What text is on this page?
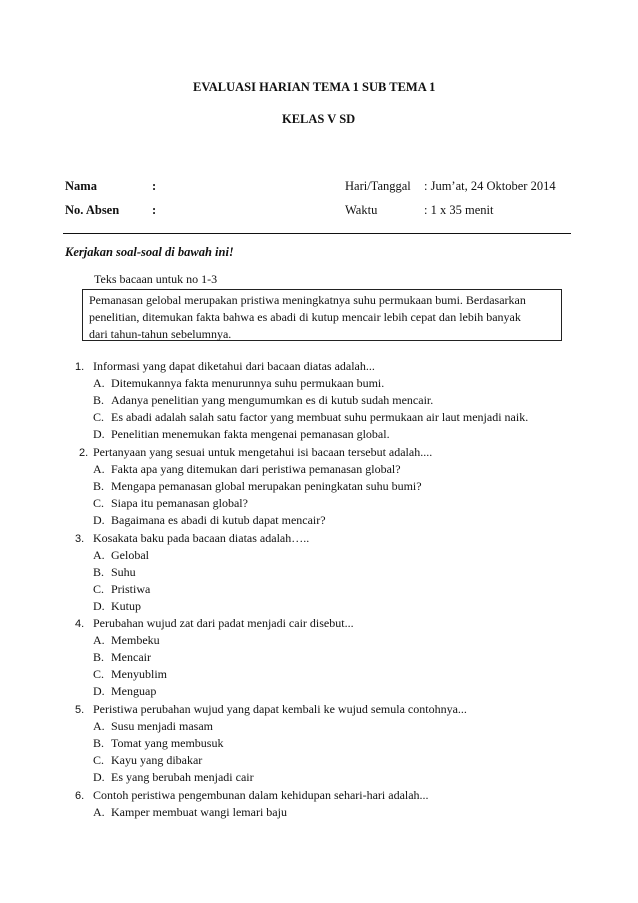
EVALUASI HARIAN TEMA 1 SUB TEMA 1
KELAS V SD
Nama	:	Hari/Tanggal : Jum’at, 24 Oktober 2014
No. Absen	:	Waktu	: 1 x 35 menit
Kerjakan soal-soal di bawah ini!
Teks bacaan untuk no 1-3
Pemanasan gelobal merupakan pristiwa meningkatnya suhu permukaan bumi. Berdasarkan
penelitian, ditemukan fakta bahwa es abadi di kutup mencair lebih cepat dan lebih banyak
dari tahun-tahun sebelumnya.
1. Informasi yang dapat diketahui dari bacaan diatas adalah...
A. Ditemukannya fakta menurunnya suhu permukaan bumi.
B. Adanya penelitian yang mengumumkan es di kutub sudah mencair.
C. Es abadi adalah salah satu factor yang membuat suhu permukaan air laut menjadi naik.
D. Penelitian menemukan fakta mengenai pemanasan global.
2. Pertanyaan yang sesuai untuk mengetahui isi bacaan tersebut adalah....
A. Fakta apa yang ditemukan dari peristiwa pemanasan global?
B. Mengapa pemanasan global merupakan peningkatan suhu bumi?
C. Siapa itu pemanasan global?
D. Bagaimana es abadi di kutub dapat mencair?
3. Kosakata baku pada bacaan diatas adalah…..
A. Gelobal
B. Suhu
C. Pristiwa
D. Kutup
4. Perubahan wujud zat dari padat menjadi cair disebut...
A. Membeku
B. Mencair
C. Menyublim
D. Menguap
5. Peristiwa perubahan wujud yang dapat kembali ke wujud semula contohnya...
A. Susu menjadi masam
B. Tomat yang membusuk
C. Kayu yang dibakar
D. Es yang berubah menjadi cair
6. Contoh peristiwa pengembunan dalam kehidupan sehari-hari adalah...
A. Kamper membuat wangi lemari baju
